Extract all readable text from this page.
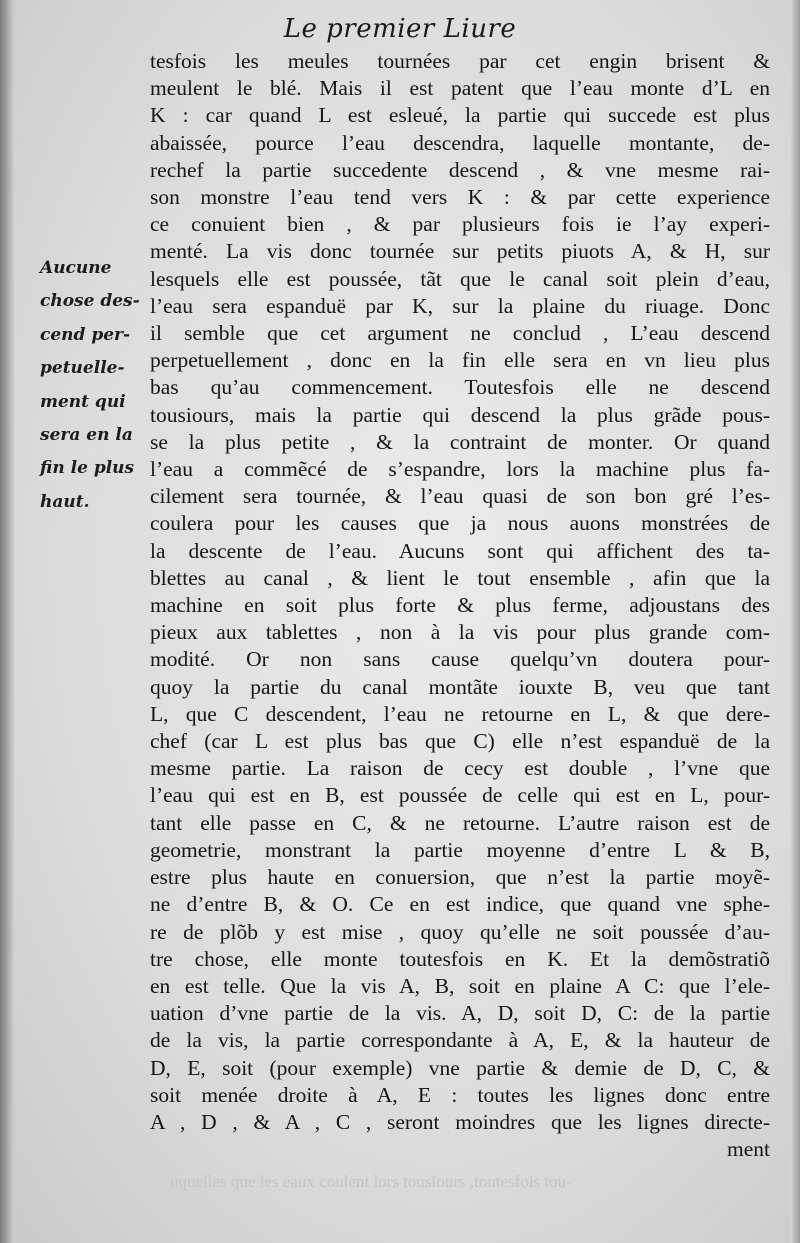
Le premier Liure
Aucune
chose des-
cend per-
petuelle-
ment qui
sera en la
fin le plus
haut.
tesfois les meules tournées par cet engin brisent &
meulent le blé. Mais il est patent que l’eau monte d’L en
K : car quand L est esleué, la partie qui succede est plus
abaissée, pource l’eau descendra, laquelle montante, de-
rechef la partie succedente descend , & vne mesme rai-
son monstre l’eau tend vers K : & par cette experience
ce conuient bien , & par plusieurs fois ie l’ay experi-
menté. La vis donc tournée sur petits piuots A, & H, sur
lesquels elle est poussée, tãt que le canal soit plein d’eau,
l’eau sera espanduë par K, sur la plaine du riuage. Donc
il semble que cet argument ne conclud , L’eau descend
perpetuellement , donc en la fin elle sera en vn lieu plus
bas qu’au commencement. Toutesfois elle ne descend
tousiours, mais la partie qui descend la plus grãde pous-
se la plus petite , & la contraint de monter. Or quand
l’eau a commẽcé de s’espandre, lors la machine plus fa-
cilement sera tournée, & l’eau quasi de son bon gré l’es-
coulera pour les causes que ja nous auons monstrées de
la descente de l’eau. Aucuns sont qui affichent des ta-
blettes au canal , & lient le tout ensemble , afin que la
machine en soit plus forte & plus ferme, adjoustans des
pieux aux tablettes , non à la vis pour plus grande com-
modité. Or non sans cause quelqu’vn doutera pour-
quoy la partie du canal montãte iouxte B, veu que tant
L, que C descendent, l’eau ne retourne en L, & que dere-
chef (car L est plus bas que C) elle n’est espanduë de la
mesme partie. La raison de cecy est double , l’vne que
l’eau qui est en B, est poussée de celle qui est en L, pour-
tant elle passe en C, & ne retourne. L’autre raison est de
geometrie, monstrant la partie moyenne d’entre L & B,
estre plus haute en conuersion, que n’est la partie moyẽ-
ne d’entre B, & O. Ce en est indice, que quand vne sphe-
re de plõb y est mise , quoy qu’elle ne soit poussée d’au-
tre chose, elle monte toutesfois en K. Et la demõstratiõ
en est telle. Que la vis A, B, soit en plaine A C: que l’ele-
uation d’vne partie de la vis. A, D, soit D, C: de la partie
de la vis, la partie correspondante à A, E, & la hauteur de
D, E, soit (pour exemple) vne partie & demie de D, C, &
soit menée droite à A, E : toutes les lignes donc entre
A , D , & A , C , seront moindres que les lignes directe-
ment
uquelles que les eaux coulent lors tousiours ,toutesfois tou-
